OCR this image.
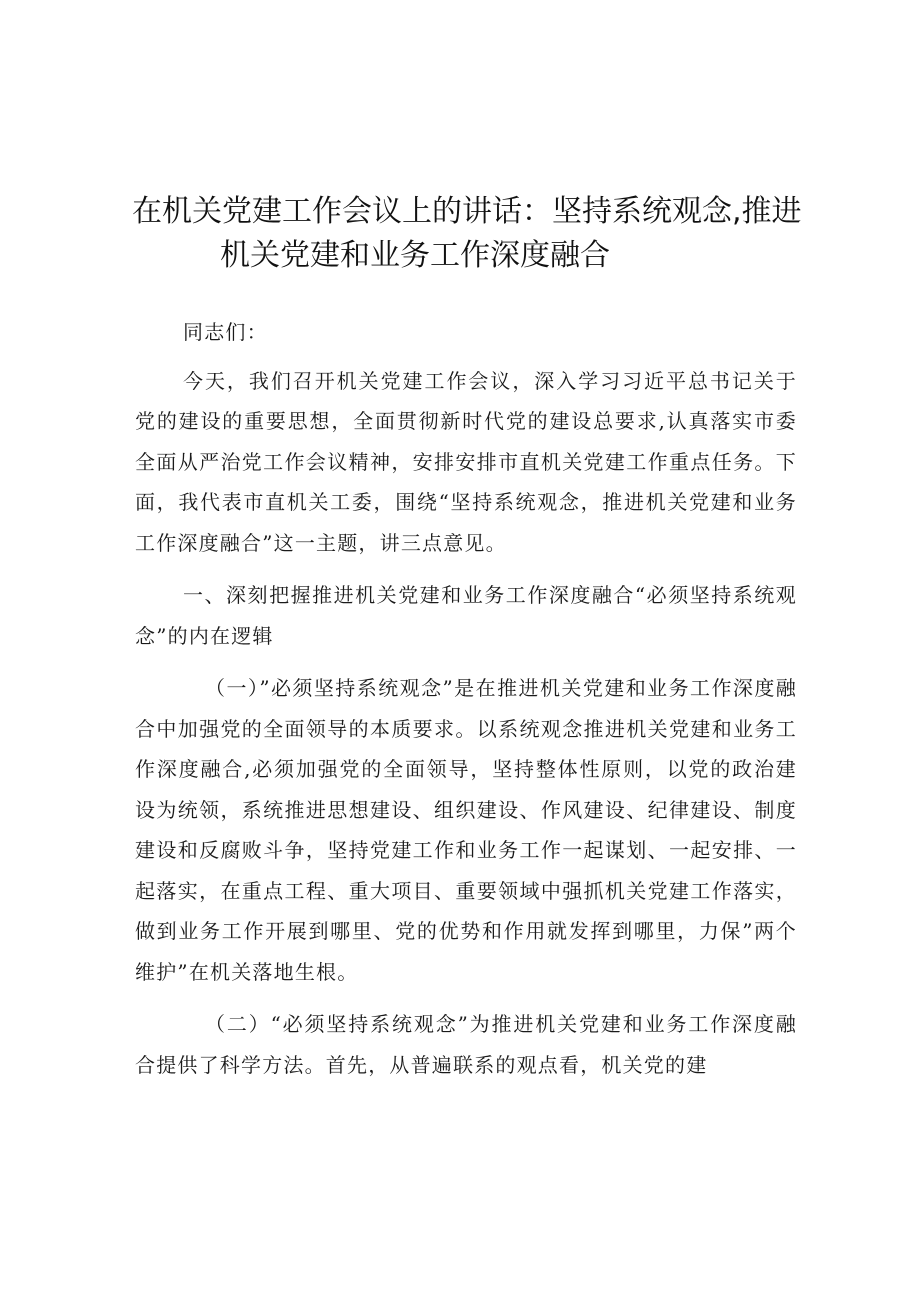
在机关党建工作会议上的讲话：坚持系统观念,推进
机关党建和业务工作深度融合

同志们：

今天，我们召开机关党建工作会议，深入学习习近平总书记关于党的建设的重要思想，全面贯彻新时代党的建设总要求,认真落实市委全面从严治党工作会议精神，安排安排市直机关党建工作重点任务。下面，我代表市直机关工委，围绕“坚持系统观念，推进机关党建和业务工作深度融合”这一主题，讲三点意见。

一、深刻把握推进机关党建和业务工作深度融合“必须坚持系统观念”的内在逻辑

（一）”必须坚持系统观念”是在推进机关党建和业务工作深度融合中加强党的全面领导的本质要求。以系统观念推进机关党建和业务工作深度融合,必须加强党的全面领导，坚持整体性原则，以党的政治建设为统领，系统推进思想建设、组织建设、作风建设、纪律建设、制度建设和反腐败斗争，坚持党建工作和业务工作一起谋划、一起安排、一起落实，在重点工程、重大项目、重要领域中强抓机关党建工作落实，做到业务工作开展到哪里、党的优势和作用就发挥到哪里，力保”两个维护”在机关落地生根。

（二）“必须坚持系统观念”为推进机关党建和业务工作深度融合提供了科学方法。首先，从普遍联系的观点看，机关党的建
